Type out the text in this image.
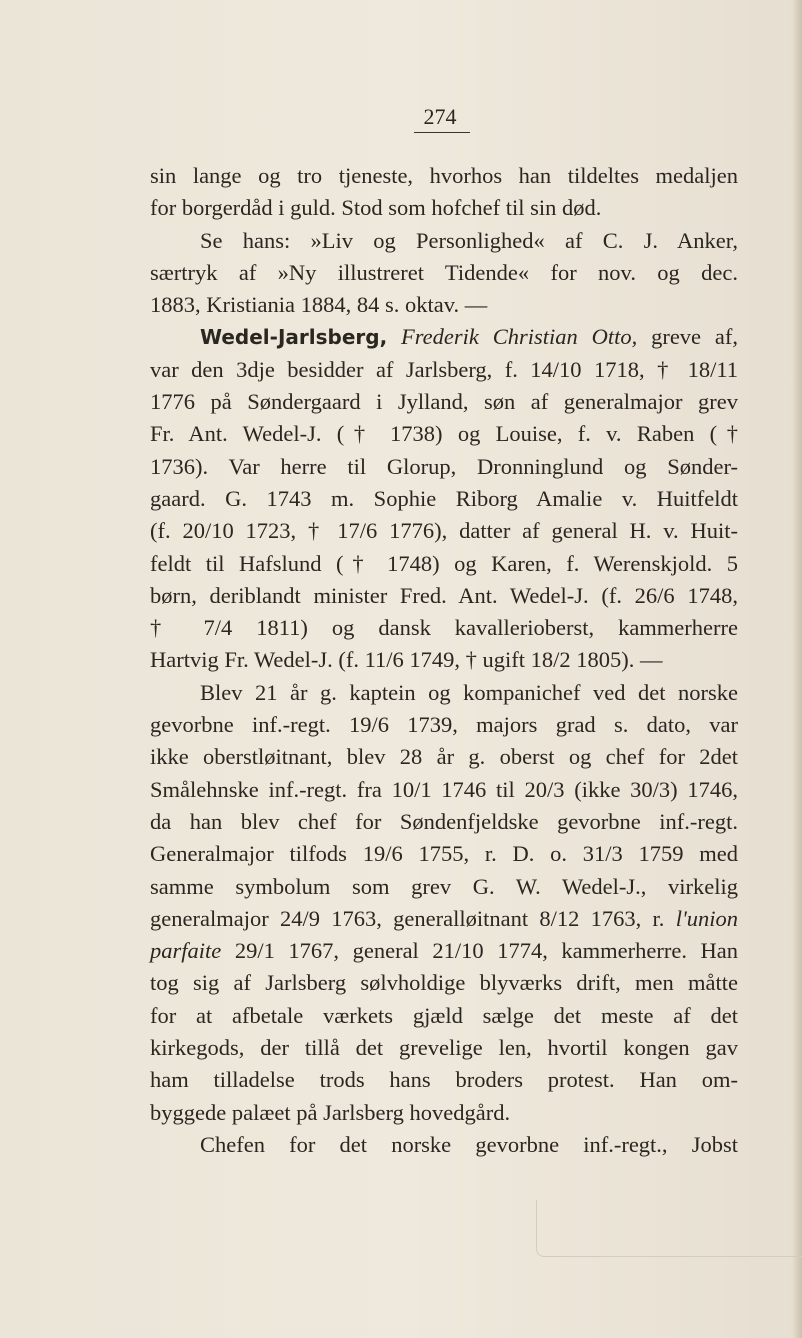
274
sin lange og tro tjeneste, hvorhos han tildeltes medaljen
for borgerdåd i guld. Stod som hofchef til sin død.
Se hans: »Liv og Personlighed« af C. J. Anker,
særtryk af »Ny illustreret Tidende« for nov. og dec.
1883, Kristiania 1884, 84 s. oktav. —
Wedel-Jarlsberg, Frederik Christian Otto, greve af,
var den 3dje besidder af Jarlsberg, f. 14/10 1718, † 18/11
1776 på Søndergaard i Jylland, søn af generalmajor grev
Fr. Ant. Wedel-J. († 1738) og Louise, f. v. Raben (†
1736). Var herre til Glorup, Dronninglund og Sønder-
gaard. G. 1743 m. Sophie Riborg Amalie v. Huitfeldt
(f. 20/10 1723, † 17/6 1776), datter af general H. v. Huit-
feldt til Hafslund († 1748) og Karen, f. Werenskjold. 5
børn, deriblandt minister Fred. Ant. Wedel-J. (f. 26/6 1748,
† 7/4 1811) og dansk kavallerioberst, kammerherre
Hartvig Fr. Wedel-J. (f. 11/6 1749, † ugift 18/2 1805). —
Blev 21 år g. kaptein og kompanichef ved det norske
gevorbne inf.-regt. 19/6 1739, majors grad s. dato, var
ikke oberstløitnant, blev 28 år g. oberst og chef for 2det
Smålehnske inf.-regt. fra 10/1 1746 til 20/3 (ikke 30/3) 1746,
da han blev chef for Søndenfjeldske gevorbne inf.-regt.
Generalmajor tilfods 19/6 1755, r. D. o. 31/3 1759 med
samme symbolum som grev G. W. Wedel-J., virkelig
generalmajor 24/9 1763, generalløitnant 8/12 1763, r. l'union
parfaite 29/1 1767, general 21/10 1774, kammerherre. Han
tog sig af Jarlsberg sølvholdige blyværks drift, men måtte
for at afbetale værkets gjæld sælge det meste af det
kirkegods, der tillå det grevelige len, hvortil kongen gav
ham tilladelse trods hans broders protest. Han om-
byggede palæet på Jarlsberg hovedgård.
Chefen for det norske gevorbne inf.-regt., Jobst
